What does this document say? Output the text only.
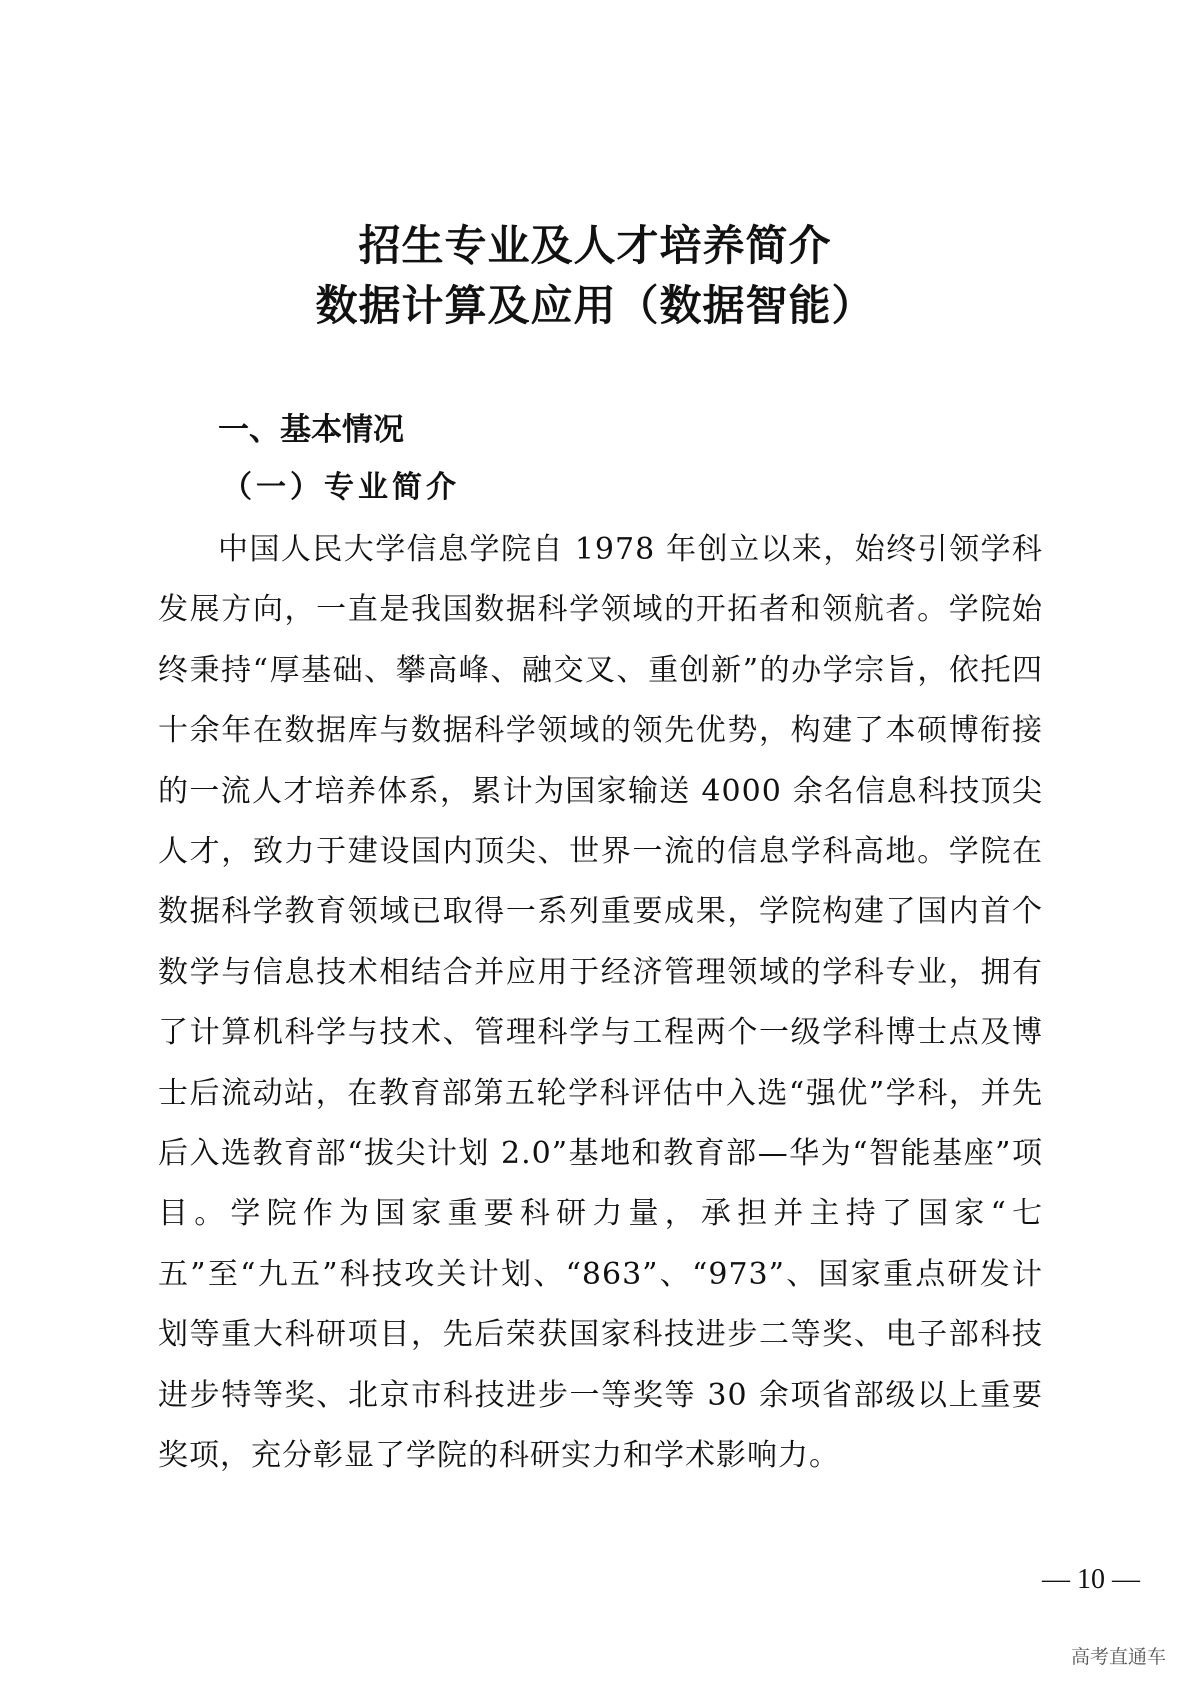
招生专业及人才培养简介
数据计算及应用（数据智能）
一、基本情况
（一）专业简介

中国人民大学信息学院自 1978 年创立以来，始终引领学科发展方向，一直是我国数据科学领域的开拓者和领航者。学院始终秉持“厚基础、攀高峰、融交叉、重创新”的办学宗旨，依托四十余年在数据库与数据科学领域的领先优势，构建了本硕博衔接的一流人才培养体系，累计为国家输送 4000 余名信息科技顶尖人才，致力于建设国内顶尖、世界一流的信息学科高地。学院在数据科学教育领域已取得一系列重要成果，学院构建了国内首个数学与信息技术相结合并应用于经济管理领域的学科专业，拥有了计算机科学与技术、管理科学与工程两个一级学科博士点及博士后流动站，在教育部第五轮学科评估中入选“强优”学科，并先后入选教育部“拔尖计划 2.0”基地和教育部—华为“智能基座”项目。学院作为国家重要科研力量，承担并主持了国家“七五”至“九五”科技攻关计划、“863”、“973”、国家重点研发计划等重大科研项目，先后荣获国家科技进步二等奖、电子部科技进步特等奖、北京市科技进步一等奖等 30 余项省部级以上重要奖项，充分彰显了学院的科研实力和学术影响力。

— 10 —
高考直通车
